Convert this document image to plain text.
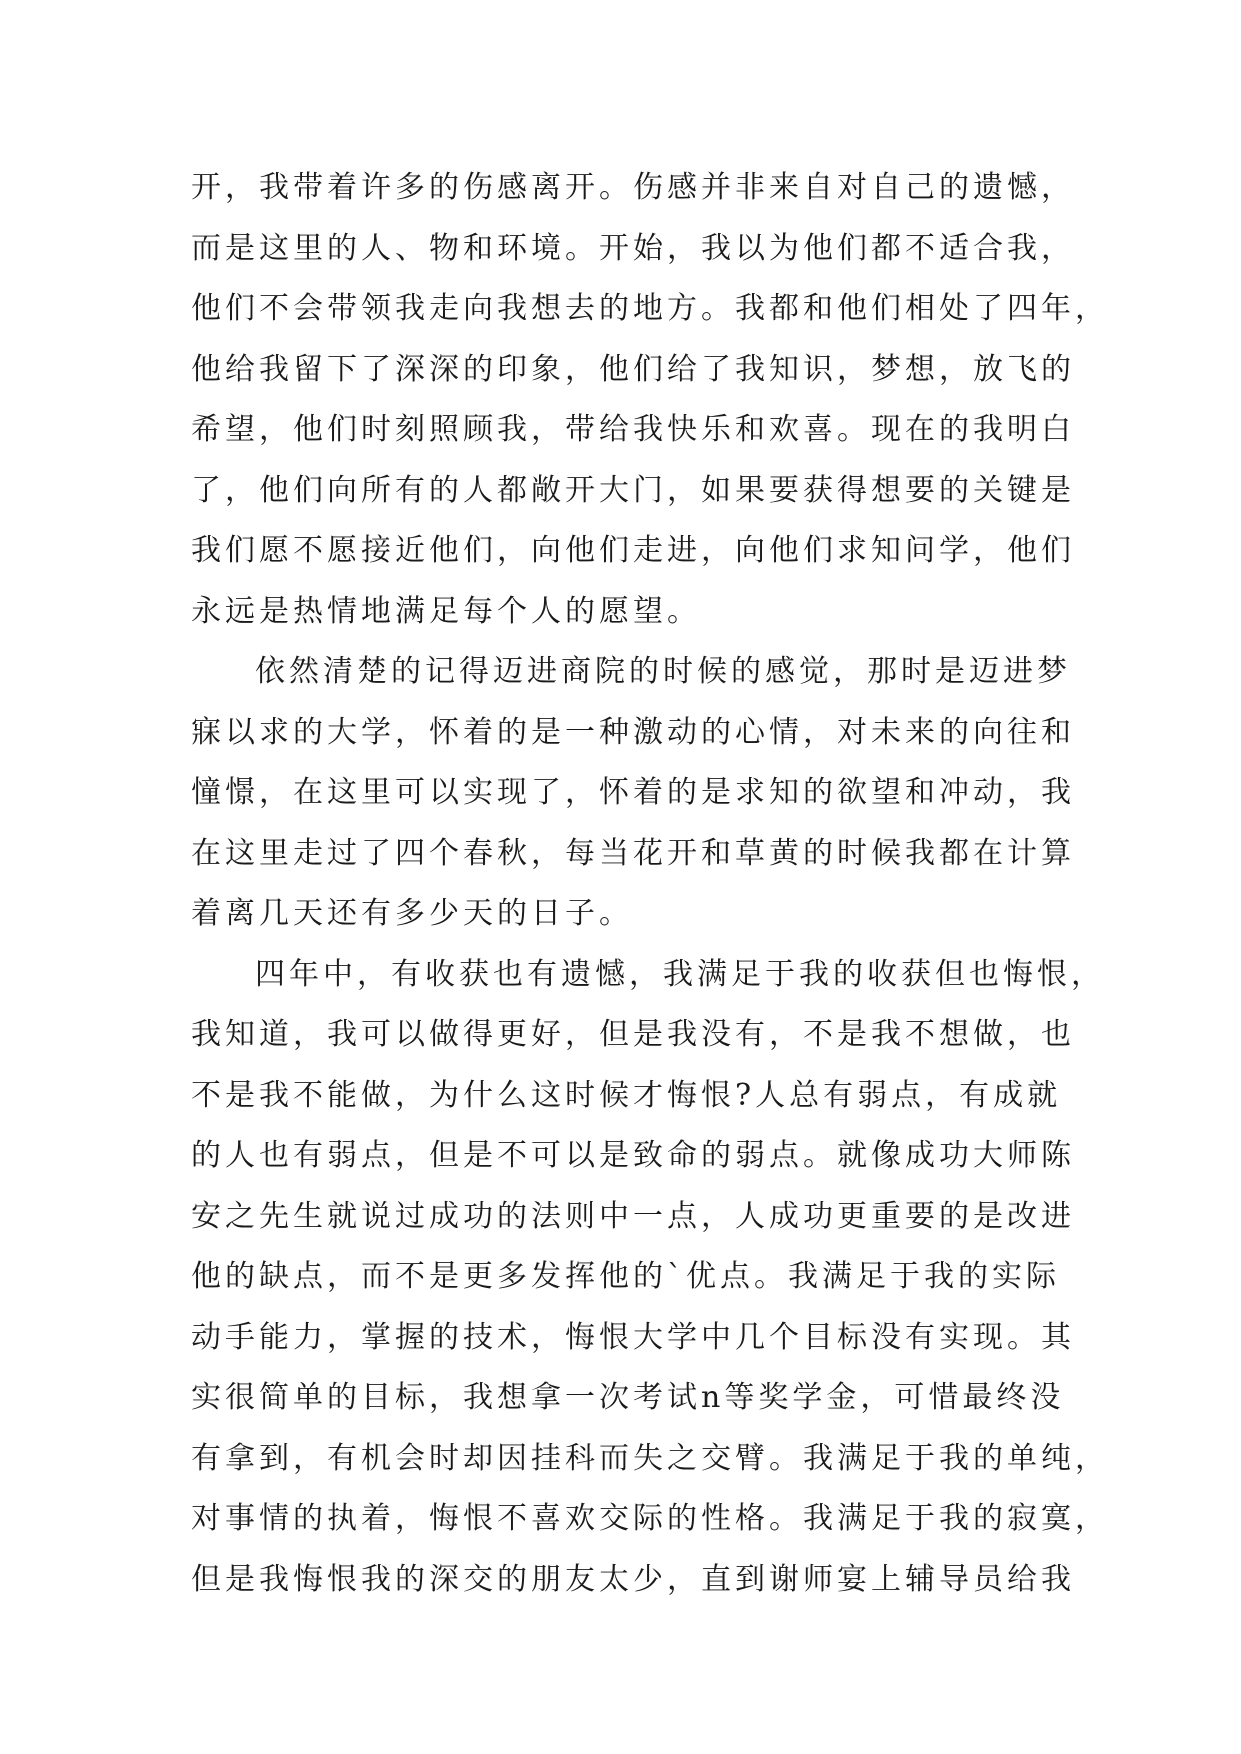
开，我带着许多的伤感离开。伤感并非来自对自己的遗憾，
而是这里的人、物和环境。开始，我以为他们都不适合我，
他们不会带领我走向我想去的地方。我都和他们相处了四年，
他给我留下了深深的印象，他们给了我知识，梦想，放飞的
希望，他们时刻照顾我，带给我快乐和欢喜。现在的我明白
了，他们向所有的人都敞开大门，如果要获得想要的关键是
我们愿不愿接近他们，向他们走进，向他们求知问学，他们
永远是热情地满足每个人的愿望。
依然清楚的记得迈进商院的时候的感觉，那时是迈进梦
寐以求的大学，怀着的是一种激动的心情，对未来的向往和
憧憬，在这里可以实现了，怀着的是求知的欲望和冲动，我
在这里走过了四个春秋，每当花开和草黄的时候我都在计算
着离几天还有多少天的日子。
四年中，有收获也有遗憾，我满足于我的收获但也悔恨，
我知道，我可以做得更好，但是我没有，不是我不想做，也
不是我不能做，为什么这时候才悔恨?人总有弱点，有成就
的人也有弱点，但是不可以是致命的弱点。就像成功大师陈
安之先生就说过成功的法则中一点，人成功更重要的是改进
他的缺点，而不是更多发挥他的`优点。我满足于我的实际
动手能力，掌握的技术，悔恨大学中几个目标没有实现。其
实很简单的目标，我想拿一次考试n等奖学金，可惜最终没
有拿到，有机会时却因挂科而失之交臂。我满足于我的单纯，
对事情的执着，悔恨不喜欢交际的性格。我满足于我的寂寞，
但是我悔恨我的深交的朋友太少，直到谢师宴上辅导员给我
